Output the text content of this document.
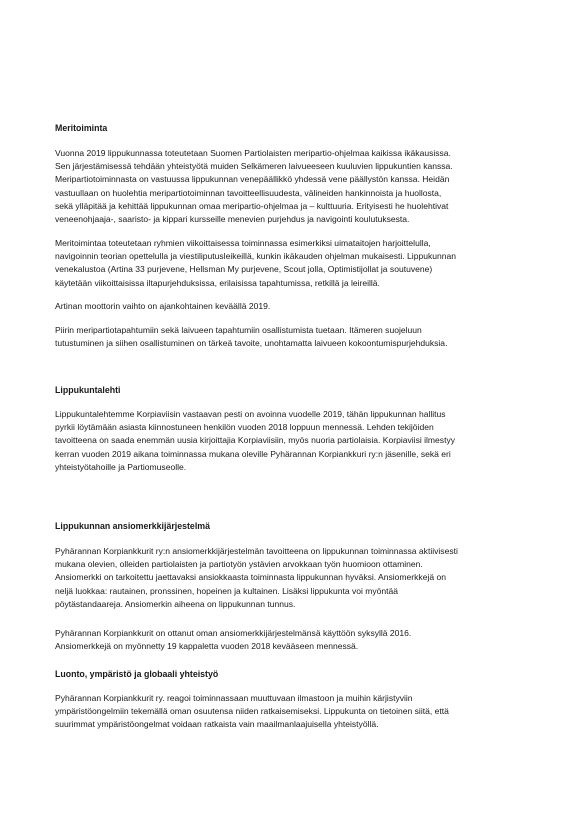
Meritoiminta
Vuonna 2019 lippukunnassa toteutetaan Suomen Partiolaisten meripartio-ohjelmaa kaikissa ikäkausissa.
Sen järjestämisessä tehdään yhteistyötä muiden Selkämeren laivueeseen kuuluvien lippukuntien kanssa.
Meripartiotoiminnasta on vastuussa lippukunnan venepäällikkö yhdessä vene päällystön kanssa. Heidän
vastuullaan on huolehtia meripartiotoiminnan tavoitteellisuudesta, välineiden hankinnoista ja huollosta,
sekä ylläpitää ja kehittää lippukunnan omaa meripartio-ohjelmaa ja – kulttuuria. Erityisesti he huolehtivat
veneenohjaaja-, saaristo- ja kippari kursseille menevien purjehdus ja navigointi koulutuksesta.
Meritoimintaa toteutetaan ryhmien viikoittaisessa toiminnassa esimerkiksi uimataitojen harjoittelulla,
navigoinnin teorian opettelulla ja viestiliputusleikeillä, kunkin ikäkauden ohjelman mukaisesti. Lippukunnan
venekalustoa (Artina 33 purjevene, Hellsman My purjevene, Scout jolla, Optimistijollat ja soutuvene)
käytetään viikoittaisissa iltapurjehduksissa, erilaisissa tapahtumissa, retkillä ja leireillä.
Artinan moottorin vaihto on ajankohtainen keväällä 2019.
Piirin meripartiotapahtumiin sekä laivueen tapahtumiin osallistumista tuetaan. Itämeren suojeluun
tutustuminen ja siihen osallistuminen on tärkeä tavoite, unohtamatta laivueen kokoontumispurjehduksia.
Lippukuntalehti
Lippukuntalehtemme Korpiaviisin vastaavan pesti on avoinna vuodelle 2019, tähän lippukunnan hallitus
pyrkii löytämään asiasta kiinnostuneen henkilön vuoden 2018 loppuun mennessä. Lehden tekijöiden
tavoitteena on saada enemmän uusia kirjoittajia Korpiaviisiin, myös nuoria partiolaisia. Korpiaviisi ilmestyy
kerran vuoden 2019 aikana toiminnassa mukana oleville Pyhärannan Korpiankkuri ry:n jäsenille, sekä eri
yhteistyötahoille ja Partiomuseolle.
Lippukunnan ansiomerkkijärjestelmä
Pyhärannan Korpiankkurit ry:n ansiomerkkijärjestelmän tavoitteena on lippukunnan toiminnassa aktiivisesti
mukana olevien, olleiden partiolaisten ja partiotyön ystävien arvokkaan työn huomioon ottaminen.
Ansiomerkki on tarkoitettu jaettavaksi ansiokkaasta toiminnasta lippukunnan hyväksi. Ansiomerkkejä on
neljä luokkaa: rautainen, pronssinen, hopeinen ja kultainen. Lisäksi lippukunta voi myöntää
pöytästandaareja. Ansiomerkin aiheena on lippukunnan tunnus.
Pyhärannan Korpiankkurit on ottanut oman ansiomerkkijärjestelmänsä käyttöön syksyllä 2016.
Ansiomerkkejä on myönnetty 19 kappaletta vuoden 2018 kevääseen mennessä.
Luonto, ympäristö ja globaali yhteistyö
Pyhärannan Korpiankkurit ry. reagoi toiminnassaan muuttuvaan ilmastoon ja muihin kärjistyviin
ympäristöongelmiin tekemällä oman osuutensa niiden ratkaisemiseksi. Lippukunta on tietoinen siitä, että
suurimmat ympäristöongelmat voidaan ratkaista vain maailmanlaajuisella yhteistyöllä.
